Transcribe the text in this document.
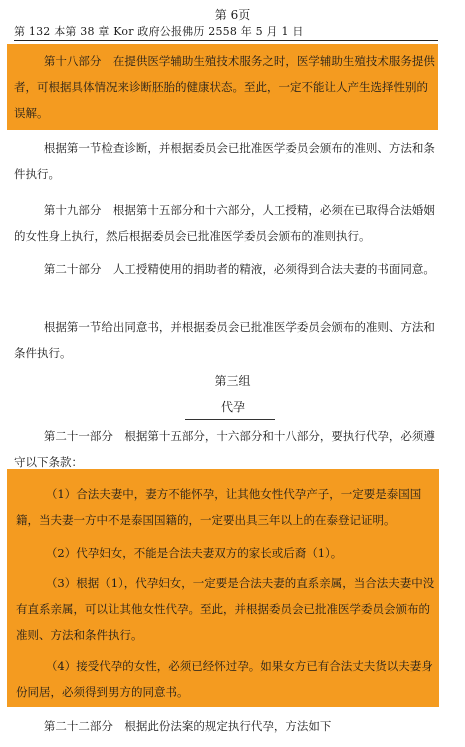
第 6页
第 132 本第 38 章 Kor 政府公报佛历 2558 年 5 月 1 日

第十八部分　在提供医学辅助生殖技术服务之时，医学辅助生殖技术服务提供者，可根据具体情况来诊断胚胎的健康状态。至此，一定不能让人产生选择性别的误解。

根据第一节检查诊断，并根据委员会已批准医学委员会颁布的准则、方法和条件执行。

第十九部分　根据第十五部分和十六部分，人工授精，必须在已取得合法婚姻的女性身上执行，然后根据委员会已批准医学委员会颁布的准则执行。

第二十部分　人工授精使用的捐助者的精液，必须得到合法夫妻的书面同意。

根据第一节给出同意书，并根据委员会已批准医学委员会颁布的准则、方法和条件执行。

第三组
代孕

第二十一部分　根据第十五部分，十六部分和十八部分，要执行代孕，必须遵守以下条款：

（1）合法夫妻中，妻方不能怀孕，让其他女性代孕产子，一定要是泰国国籍，当夫妻一方中不是泰国国籍的，一定要出具三年以上的在泰登记证明。

（2）代孕妇女，不能是合法夫妻双方的家长或后裔（1）。

（3）根据（1），代孕妇女，一定要是合法夫妻的直系亲属，当合法夫妻中没有直系亲属，可以让其他女性代孕。至此，并根据委员会已批准医学委员会颁布的准则、方法和条件执行。

（4）接受代孕的女性，必须已经怀过孕。如果女方已有合法丈夫货以夫妻身份同居，必须得到男方的同意书。

第二十二部分　根据此份法案的规定执行代孕，方法如下
